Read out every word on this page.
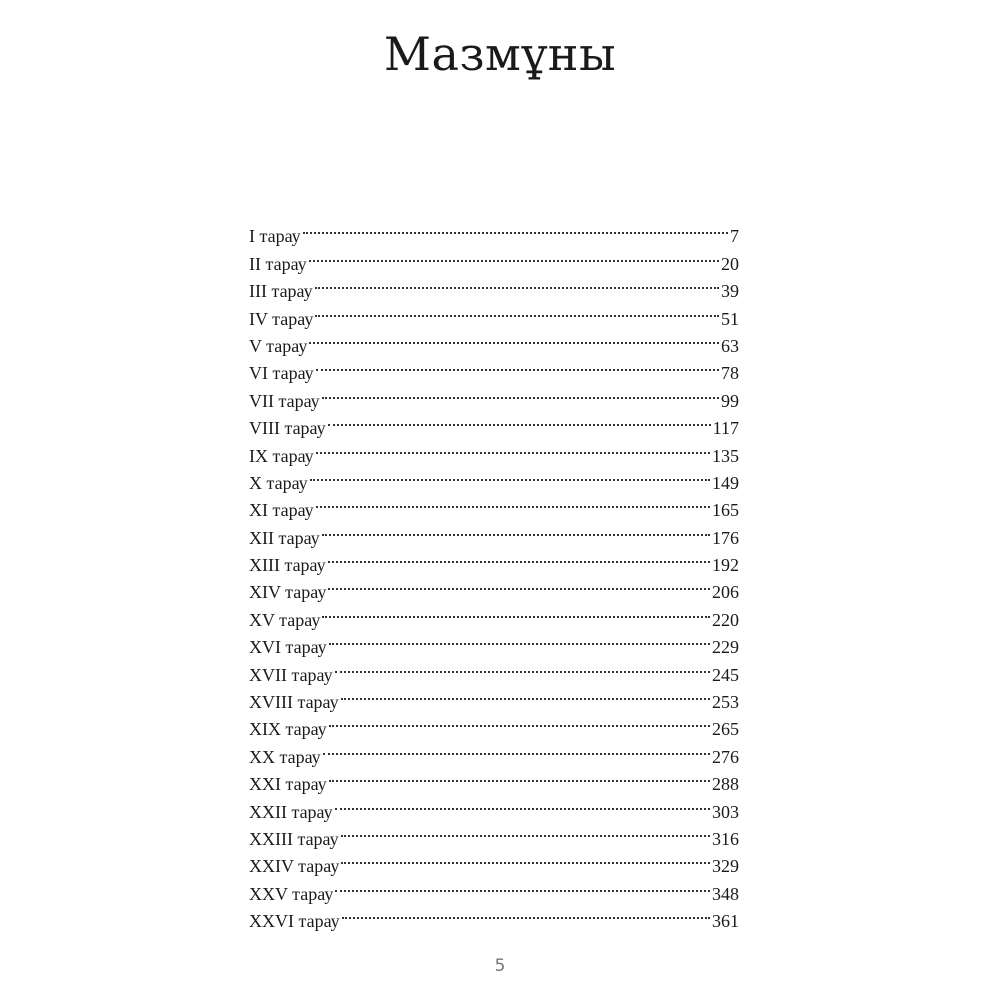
Мазмұны
I тарау	7
II тарау	20
III тарау	39
IV тарау	51
V тарау	63
VI тарау	78
VII тарау	99
VIII тарау	117
IX тарау	135
X тарау	149
XI тарау	165
XII тарау	176
XIII тарау	192
XIV тарау	206
XV тарау	220
XVI тарау	229
XVII тарау	245
XVIII тарау	253
XIX тарау	265
XX тарау	276
XXI тарау	288
XXII тарау	303
XXIII тарау	316
XXIV тарау	329
XXV тарау	348
XXVI тарау	361
5
